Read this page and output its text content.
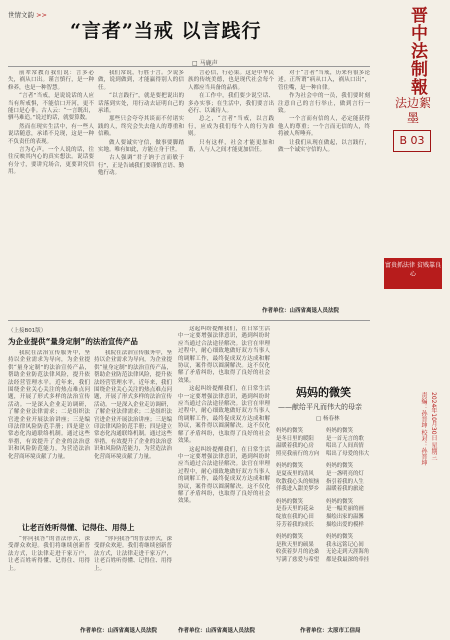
世情文韵 >>
“言者”当戒 以言践行
□ 马鹿声

前辈常教育我们说：言多必失，祸从口出。谨言慎行，是一种修养，也是一种智慧。

“言者”当戒，是说说话的人应当有所戒惧，不能信口开河，更不能口是心非。古人云：“一言既出，驷马难追。”说过的话，就要算数。

然而在现实生活中，有一些人说话随意，承诺不兑现，这是一种不负责任的表现。

言为心声。一个人说的话，往往反映其内心的真实想法。说话要有分寸，要讲究场合，更要讲究信用。

我们常说，行胜于言。少说多做，说到做到，才能赢得别人的信任。

“以言践行”，就是要把说出的话落到实处，用行动去证明自己的承诺。

那些只会夸夸其谈而不付诸实践的人，终究会失去他人的尊重和信赖。

做人要诚实守信，做事要脚踏实地。唯有如此，方能立身于世。

古人强调“君子讷于言而敏于行”，正是告诫我们要谨慎言语、勤勉行动。

言必信，行必果。这是中华民族的传统美德，也是现代社会每个人都应当具备的品格。

在工作中，我们要少说空话、多办实事；在生活中，我们要言出必行、以诚待人。

总之，“言者”当戒，以言践行，应成为我们每个人的行为准则。

只有这样，社会才能更加和谐，人与人之间才能更加信任。

对于“言者”当戒，历来有很多论述。正所谓“病从口入，祸从口出”，管住嘴，是一种自律。

作为社会中的一员，我们要时刻注意自己的言行举止，做到言行一致。

一个言而有信的人，必定能获得他人的尊重；一个言而无信的人，终将被人所唾弃。

让我们从现在做起，以言践行，做一个诚实守信的人。

作者单位：山西省离退人员法院
（上接B01版）
为企业提供“量身定制”的法治宣传产品

我院在法治宣传服务中，坚持以企业需求为导向，为企业提供“量身定制”的法治宣传产品，帮助企业防范法律风险，提升依法经营管理水平。近年来，我们围绕企业关心关注的热点难点问题，开展了形式多样的法治宣传活动。一是深入企业走访调研，了解企业法律需求；二是组织法官进企业开展法治讲座；三是编印法律风险防范手册；四是建立常态化沟通联络机制。通过这些举措，有效提升了企业的法治意识和风险防范能力，为营造法治化营商环境贡献了力量。

我院在法治宣传服务中，坚持以企业需求为导向，为企业提供“量身定制”的法治宣传产品，帮助企业防范法律风险，提升依法经营管理水平。近年来，我们围绕企业关心关注的热点难点问题，开展了形式多样的法治宣传活动。一是深入企业走访调研，了解企业法律需求；二是组织法官进企业开展法治讲座；三是编印法律风险防范手册；四是建立常态化沟通联络机制。通过这些举措，有效提升了企业的法治意识和风险防范能力，为营造法治化营商环境贡献了力量。

让老百姓听得懂、记得住、用得上

“你问我答”的普法形式，深受群众欢迎。我们将继续创新普法方式，让法律走进千家万户，让老百姓听得懂、记得住、用得上。

“你问我答”的普法形式，深受群众欢迎。我们将继续创新普法方式，让法律走进千家万户，让老百姓听得懂、记得住、用得上。

作者单位：山西省离退人员法院

这起纠纷提醒我们，在日常生活中一定要增强法律意识，遇到纠纷时应当通过合法途径解决。法官在审理过程中，耐心细致地做好双方当事人的调解工作，最终促成双方达成和解协议，案件得以圆满解决。这不仅化解了矛盾纠纷，也取得了良好的社会效果。

这起纠纷提醒我们，在日常生活中一定要增强法律意识，遇到纠纷时应当通过合法途径解决。法官在审理过程中，耐心细致地做好双方当事人的调解工作，最终促成双方达成和解协议，案件得以圆满解决。这不仅化解了矛盾纠纷，也取得了良好的社会效果。

这起纠纷提醒我们，在日常生活中一定要增强法律意识，遇到纠纷时应当通过合法途径解决。法官在审理过程中，耐心细致地做好双方当事人的调解工作，最终促成双方达成和解协议，案件得以圆满解决。这不仅化解了矛盾纠纷，也取得了良好的社会效果。

作者单位：山西省离退人员法院
妈妈的微笑
——献给平凡而伟大的母亲
□ 杨春林
妈妈的微笑
是冬日里的暖阳
温暖着我的心房
照亮我前行的方向
妈妈的微笑
是夏夜里的清风
吹散我心头的烦恼
伴我进入甜美梦乡
妈妈的微笑
是春天里的花朵
绽放在我的心田
芬芳着我的成长
妈妈的微笑
是秋天里的硕果
收获着岁月的沧桑
写满了慈爱与希望
妈妈的微笑
是一首无言的歌
唱出了人间真情
唱出了母爱的伟大
妈妈的微笑
是一盏明亮的灯
指引着我的人生
温暖着我的旅途
妈妈的微笑
是一幅美丽的画
描绘出家的温馨
描绘出爱的模样
妈妈的微笑
我永远铭记心间
无论走到天涯海角
都是我最深的牵挂
作者单位：太原市工信局
晋中法制報
法边絮墨
B 03
富贵抓法律 贫贱靠良心
2024年10月30日 星期三
责编：孙晋坤 校对：孙晋坤
